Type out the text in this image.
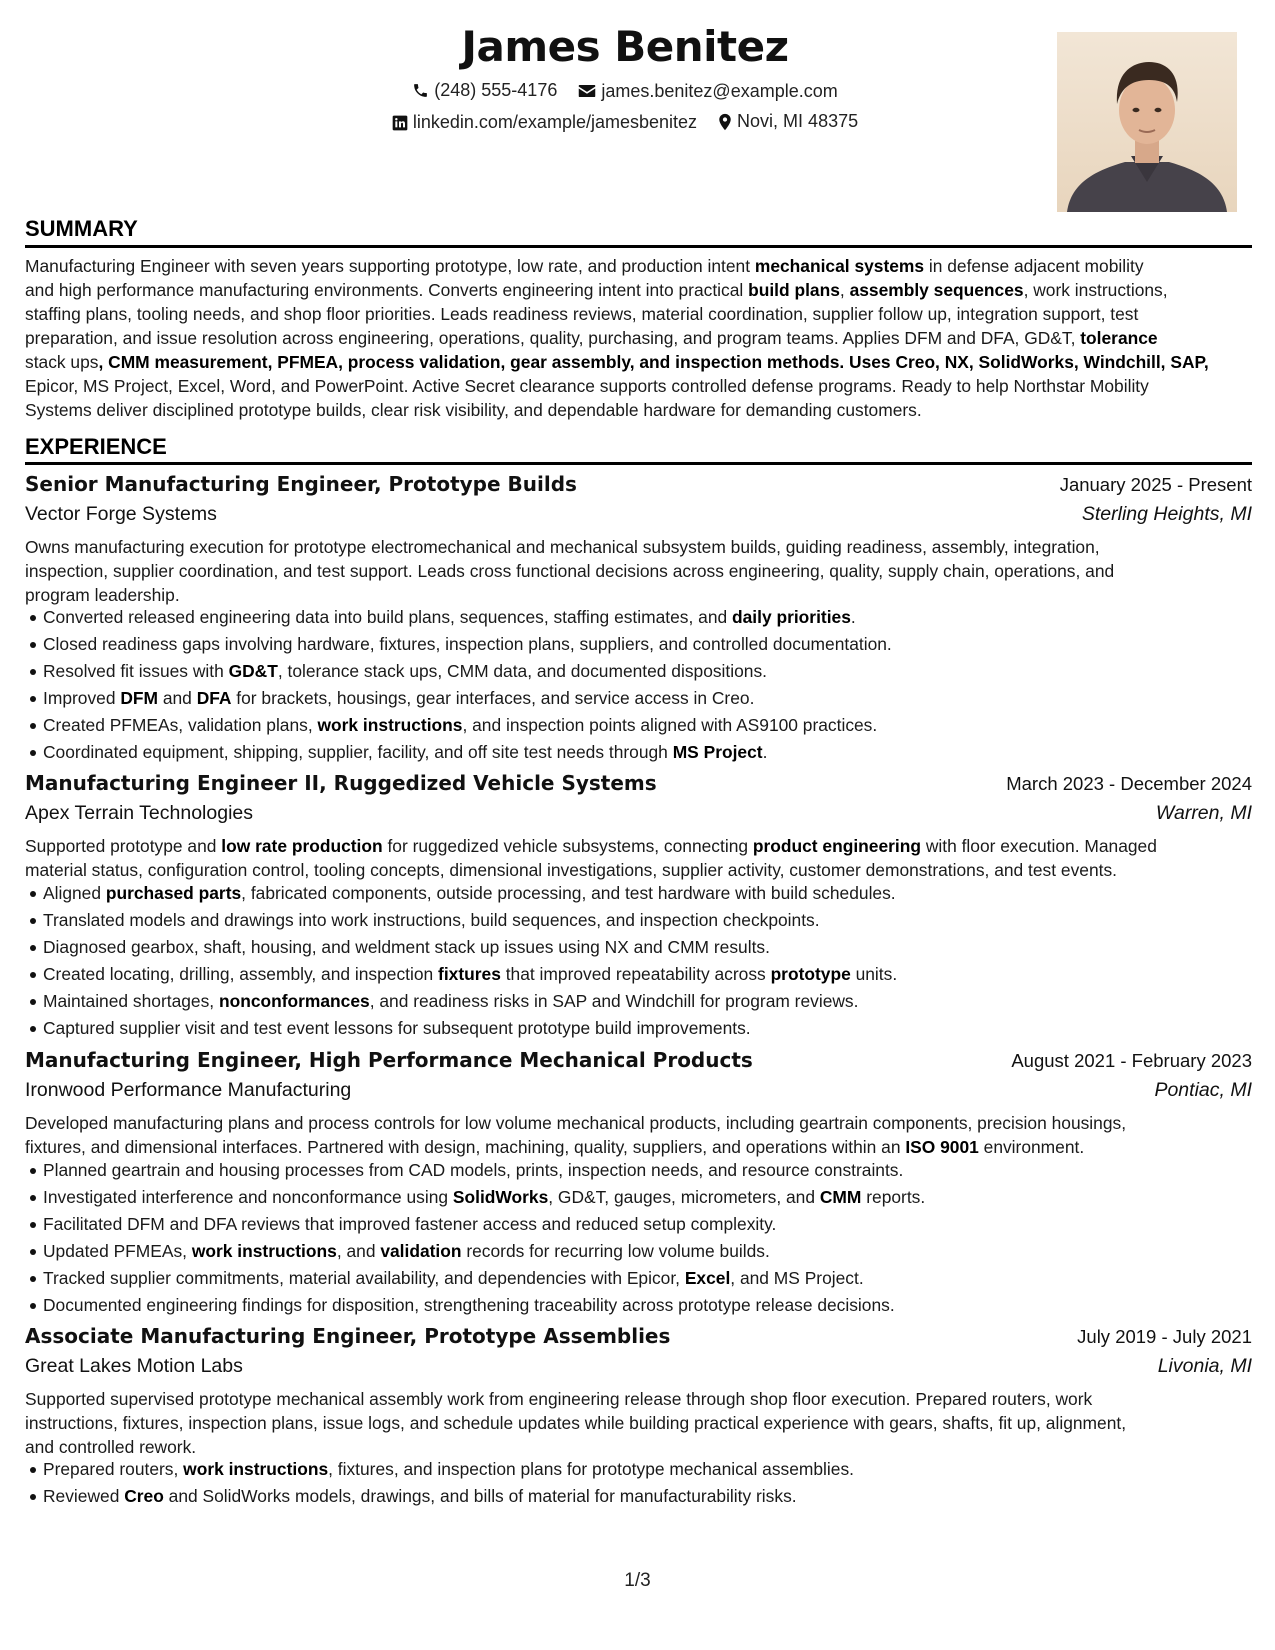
James Benitez
(248) 555-4176
james.benitez@example.com
linkedin.com/example/jamesbenitez
Novi, MI 48375
SUMMARY
Manufacturing Engineer with seven years supporting prototype, low rate, and production intent mechanical systems in defense adjacent mobility
and high performance manufacturing environments. Converts engineering intent into practical build plans, assembly sequences, work instructions,
staffing plans, tooling needs, and shop floor priorities. Leads readiness reviews, material coordination, supplier follow up, integration support, test
preparation, and issue resolution across engineering, operations, quality, purchasing, and program teams. Applies DFM and DFA, GD&T, tolerance
stack ups, CMM measurement, PFMEA, process validation, gear assembly, and inspection methods. Uses Creo, NX, SolidWorks, Windchill, SAP,
Epicor, MS Project, Excel, Word, and PowerPoint. Active Secret clearance supports controlled defense programs. Ready to help Northstar Mobility
Systems deliver disciplined prototype builds, clear risk visibility, and dependable hardware for demanding customers.
EXPERIENCE
Senior Manufacturing Engineer, Prototype Builds	January 2025 - Present
Vector Forge Systems	Sterling Heights, MI
Owns manufacturing execution for prototype electromechanical and mechanical subsystem builds, guiding readiness, assembly, integration,
inspection, supplier coordination, and test support. Leads cross functional decisions across engineering, quality, supply chain, operations, and
program leadership.
Converted released engineering data into build plans, sequences, staffing estimates, and daily priorities.
Closed readiness gaps involving hardware, fixtures, inspection plans, suppliers, and controlled documentation.
Resolved fit issues with GD&T, tolerance stack ups, CMM data, and documented dispositions.
Improved DFM and DFA for brackets, housings, gear interfaces, and service access in Creo.
Created PFMEAs, validation plans, work instructions, and inspection points aligned with AS9100 practices.
Coordinated equipment, shipping, supplier, facility, and off site test needs through MS Project.
Manufacturing Engineer II, Ruggedized Vehicle Systems	March 2023 - December 2024
Apex Terrain Technologies	Warren, MI
Supported prototype and low rate production for ruggedized vehicle subsystems, connecting product engineering with floor execution. Managed
material status, configuration control, tooling concepts, dimensional investigations, supplier activity, customer demonstrations, and test events.
Aligned purchased parts, fabricated components, outside processing, and test hardware with build schedules.
Translated models and drawings into work instructions, build sequences, and inspection checkpoints.
Diagnosed gearbox, shaft, housing, and weldment stack up issues using NX and CMM results.
Created locating, drilling, assembly, and inspection fixtures that improved repeatability across prototype units.
Maintained shortages, nonconformances, and readiness risks in SAP and Windchill for program reviews.
Captured supplier visit and test event lessons for subsequent prototype build improvements.
Manufacturing Engineer, High Performance Mechanical Products	August 2021 - February 2023
Ironwood Performance Manufacturing	Pontiac, MI
Developed manufacturing plans and process controls for low volume mechanical products, including geartrain components, precision housings,
fixtures, and dimensional interfaces. Partnered with design, machining, quality, suppliers, and operations within an ISO 9001 environment.
Planned geartrain and housing processes from CAD models, prints, inspection needs, and resource constraints.
Investigated interference and nonconformance using SolidWorks, GD&T, gauges, micrometers, and CMM reports.
Facilitated DFM and DFA reviews that improved fastener access and reduced setup complexity.
Updated PFMEAs, work instructions, and validation records for recurring low volume builds.
Tracked supplier commitments, material availability, and dependencies with Epicor, Excel, and MS Project.
Documented engineering findings for disposition, strengthening traceability across prototype release decisions.
Associate Manufacturing Engineer, Prototype Assemblies	July 2019 - July 2021
Great Lakes Motion Labs	Livonia, MI
Supported supervised prototype mechanical assembly work from engineering release through shop floor execution. Prepared routers, work
instructions, fixtures, inspection plans, issue logs, and schedule updates while building practical experience with gears, shafts, fit up, alignment,
and controlled rework.
Prepared routers, work instructions, fixtures, and inspection plans for prototype mechanical assemblies.
Reviewed Creo and SolidWorks models, drawings, and bills of material for manufacturability risks.
1/3
